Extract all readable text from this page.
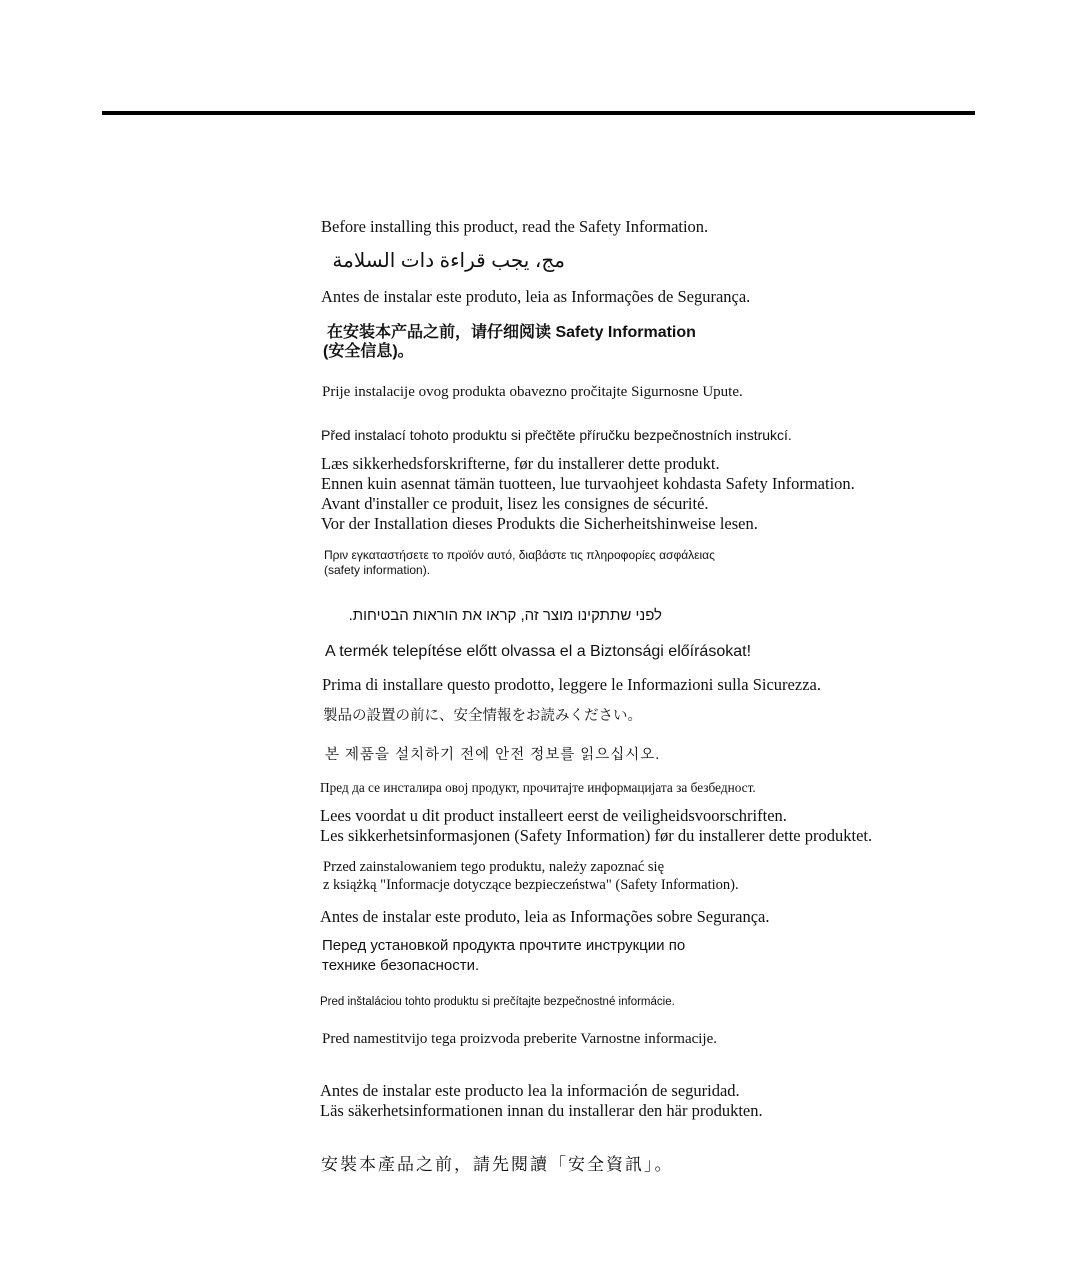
Before installing this product, read the Safety Information.
مج، يجب قراءة دات السلامة
Antes de instalar este produto, leia as Informações de Segurança.
在安装本产品之前，请仔细阅读 Safety Information
(安全信息)。
Prije instalacije ovog produkta obavezno pročitajte Sigurnosne Upute.
Před instalací tohoto produktu si přečtěte příručku bezpečnostních instrukcí.
Læs sikkerhedsforskrifterne, før du installerer dette produkt.
Ennen kuin asennat tämän tuotteen, lue turvaohjeet kohdasta Safety Information.
Avant d'installer ce produit, lisez les consignes de sécurité.
Vor der Installation dieses Produkts die Sicherheitshinweise lesen.
Πριν εγκαταστήσετε το προϊόν αυτό, διαβάστε τις πληροφορίες ασφάλειας
(safety information).
לפני שתתקינו מוצר זה, קראו את הוראות הבטיחות.
A termék telepítése előtt olvassa el a Biztonsági előírásokat!
Prima di installare questo prodotto, leggere le Informazioni sulla Sicurezza.
製品の設置の前に、安全情報をお読みください。
본 제품을 설치하기 전에 안전 정보를 읽으십시오.
Пред да се инсталира овој продукт, прочитајте информацијата за безбедност.
Lees voordat u dit product installeert eerst de veiligheidsvoorschriften.
Les sikkerhetsinformasjonen (Safety Information) før du installerer dette produktet.
Przed zainstalowaniem tego produktu, należy zapoznać się
z książką "Informacje dotyczące bezpieczeństwa" (Safety Information).
Antes de instalar este produto, leia as Informações sobre Segurança.
Перед установкой продукта прочтите инструкции по
технике безопасности.
Pred inštaláciou tohto produktu si prečítajte bezpečnostné informácie.
Pred namestitvijo tega proizvoda preberite Varnostne informacije.
Antes de instalar este producto lea la información de seguridad.
Läs säkerhetsinformationen innan du installerar den här produkten.
安裝本產品之前，請先閱讀「安全資訊」。
